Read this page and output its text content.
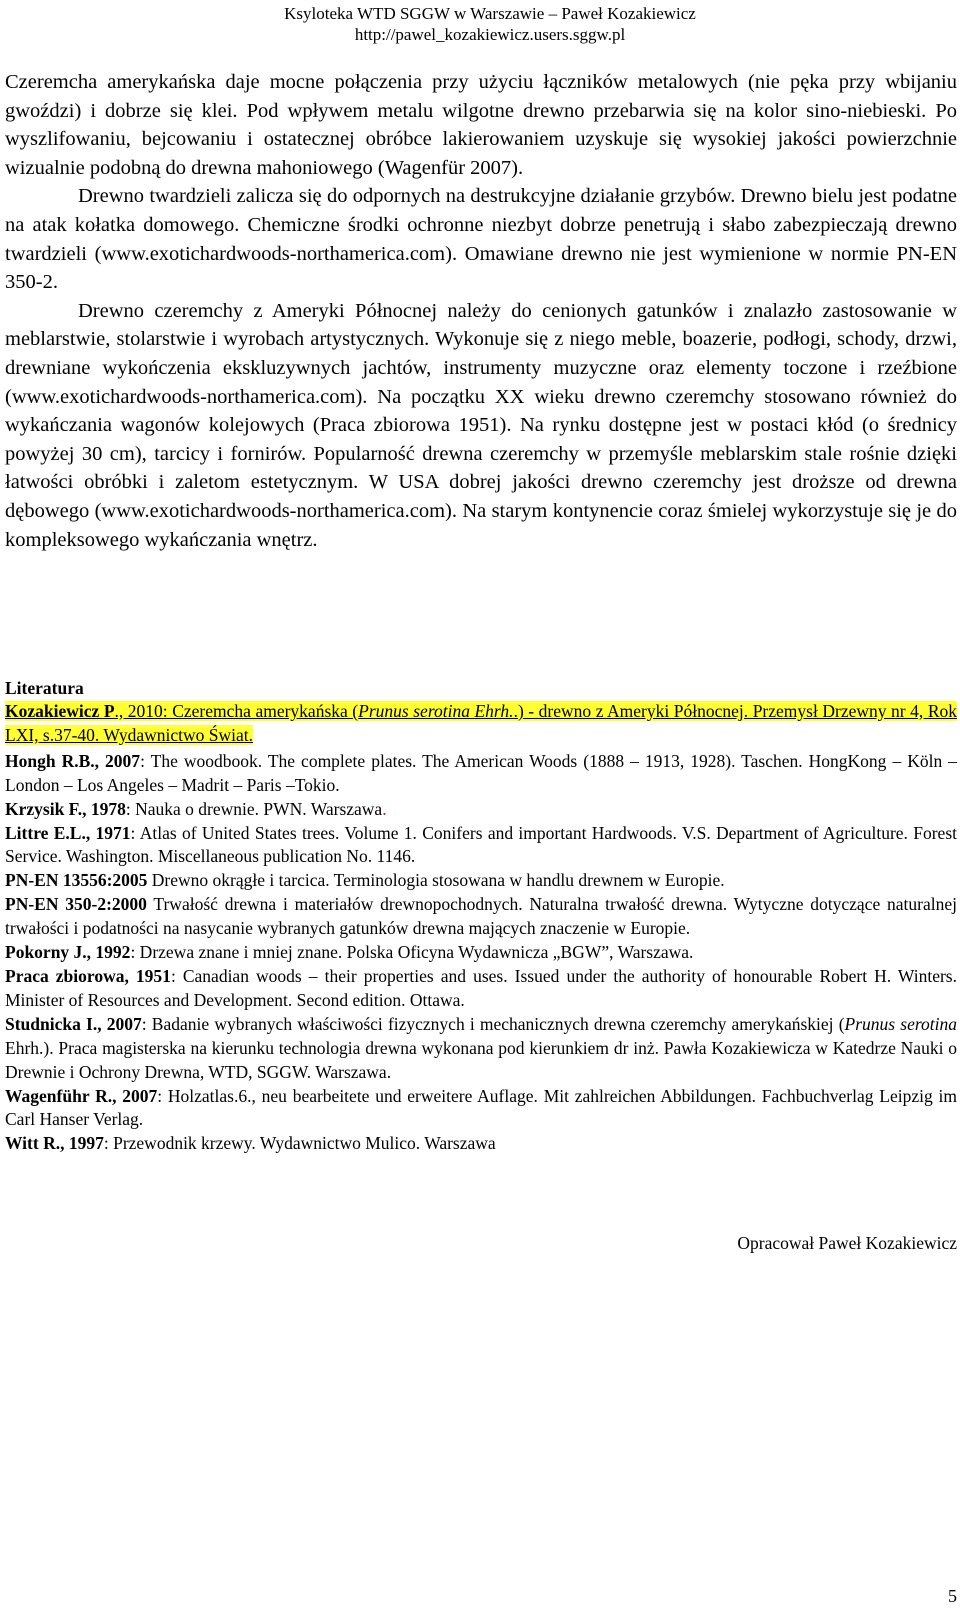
Ksyloteka WTD SGGW w Warszawie – Paweł Kozakiewicz
http://pawel_kozakiewicz.users.sggw.pl

Czeremcha amerykańska daje mocne połączenia przy użyciu łączników metalowych (nie pęka przy wbijaniu gwoździ) i dobrze się klei. Pod wpływem metalu wilgotne drewno przebarwia się na kolor sino-niebieski. Po wyszlifowaniu, bejcowaniu i ostatecznej obróbce lakierowaniem uzyskuje się wysokiej jakości powierzchnie wizualnie podobną do drewna mahoniowego (Wagenfür 2007).

Drewno twardzieli zalicza się do odpornych na destrukcyjne działanie grzybów. Drewno bielu jest podatne na atak kołatka domowego. Chemiczne środki ochronne niezbyt dobrze penetrują i słabo zabezpieczają drewno twardzieli (www.exotichardwoods-northamerica.com). Omawiane drewno nie jest wymienione w normie PN-EN 350-2.

Drewno czeremchy z Ameryki Północnej należy do cenionych gatunków i znalazło zastosowanie w meblarstwie, stolarstwie i wyrobach artystycznych. Wykonuje się z niego meble, boazerie, podłogi, schody, drzwi, drewniane wykończenia ekskluzywnych jachtów, instrumenty muzyczne oraz elementy toczone i rzeźbione (www.exotichardwoods-northamerica.com). Na początku XX wieku drewno czeremchy stosowano również do wykańczania wagonów kolejowych (Praca zbiorowa 1951). Na rynku dostępne jest w postaci kłód (o średnicy powyżej 30 cm), tarcicy i fornirów. Popularność drewna czeremchy w przemyśle meblarskim stale rośnie dzięki łatwości obróbki i zaletom estetycznym. W USA dobrej jakości drewno czeremchy jest droższe od drewna dębowego (www.exotichardwoods-northamerica.com). Na starym kontynencie coraz śmielej wykorzystuje się je do kompleksowego wykańczania wnętrz.

Literatura

Kozakiewicz P., 2010: Czeremcha amerykańska (Prunus serotina Ehrh..) - drewno z Ameryki Północnej. Przemysł Drzewny nr 4, Rok LXI, s.37-40. Wydawnictwo Świat.

Hongh R.B., 2007: The woodbook. The complete plates. The American Woods (1888 – 1913, 1928). Taschen. HongKong – Köln – London – Los Angeles – Madrit – Paris –Tokio.

Krzysik F., 1978: Nauka o drewnie. PWN. Warszawa.

Littre E.L., 1971: Atlas of United States trees. Volume 1. Conifers and important Hardwoods. V.S. Department of Agriculture. Forest Service. Washington. Miscellaneous publication No. 1146.

PN-EN 13556:2005 Drewno okrągłe i tarcica. Terminologia stosowana w handlu drewnem w Europie.

PN-EN 350-2:2000 Trwałość drewna i materiałów drewnopochodnych. Naturalna trwałość drewna. Wytyczne dotyczące naturalnej trwałości i podatności na nasycanie wybranych gatunków drewna mających znaczenie w Europie.

Pokorny J., 1992: Drzewa znane i mniej znane. Polska Oficyna Wydawnicza „BGW”, Warszawa.

Praca zbiorowa, 1951: Canadian woods – their properties and uses. Issued under the authority of honourable Robert H. Winters. Minister of Resources and Development. Second edition. Ottawa.

Studnicka I., 2007: Badanie wybranych właściwości fizycznych i mechanicznych drewna czeremchy amerykańskiej (Prunus serotina Ehrh.). Praca magisterska na kierunku technologia drewna wykonana pod kierunkiem dr inż. Pawła Kozakiewicza w Katedrze Nauki o Drewnie i Ochrony Drewna, WTD, SGGW. Warszawa.

Wagenführ R., 2007: Holzatlas.6., neu bearbeitete und erweitere Auflage. Mit zahlreichen Abbildungen. Fachbuchverlag Leipzig im Carl Hanser Verlag.

Witt R., 1997: Przewodnik krzewy. Wydawnictwo Mulico. Warszawa

Opracował Paweł Kozakiewicz
5
